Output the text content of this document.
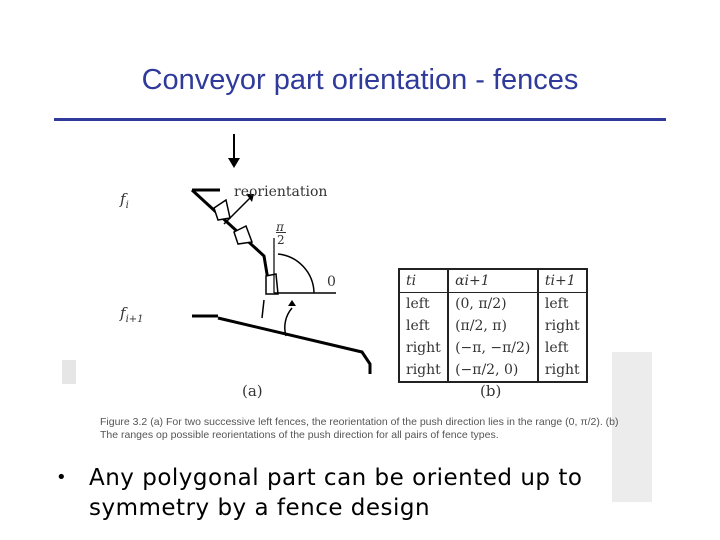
Conveyor part orientation - fences
$f_i$
reorientation
π
2
0
$f_{i+1}$
(a)	(b)
ti	αi+1	ti+1
left	(0, π/2)	left
left	(π/2, π)	right
right	(−π, −π/2)	left
right	(−π/2, 0)	right
Figure 3.2 (a) For two successive left fences, the reorientation of the push direction lies in the range (0, π/2). (b) The ranges op possible reorientations of the push direction for all pairs of fence types.
• Any polygonal part can be oriented up to symmetry by a fence design
